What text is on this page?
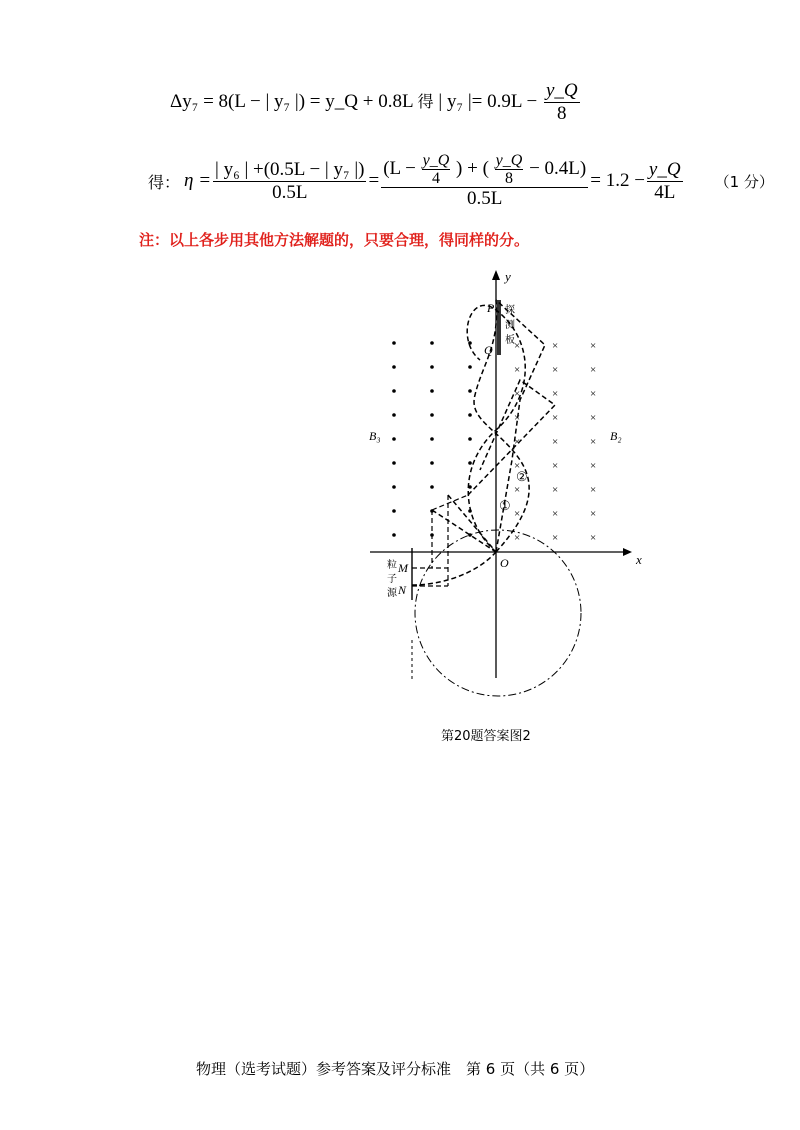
Δy₇ = 8(L − | y₇ |) = y_Q + 0.8L 得 | y₇ |= $0.9L - \frac{y\_Q}{8}$
得： $\eta = \frac{\text{| y₆ | +(0.5L − | y₇ |)}}{0.5L}$ =
($L - \frac{y\_Q}{4}$ ) + ( $\frac{y\_Q}{8} - 0.4L$)
0.5L
= $1.2 - \frac{y\_Q}{4L} (1$ 分）
注：以上各步用其他方法解题的，只要合理，得同样的分。
x
y
O
P
Q
探
测
板
B₃	B₂
×
×
×
×
×
×
×
×
×
×
×
×
×
×
×
×
×
×
×
×
×
×
×
×
×
×
×
粒
子
源
M
N
②
①
第20题答案图2
物理（选考试题）参考答案及评分标准　第 6 页（共 6 页）
